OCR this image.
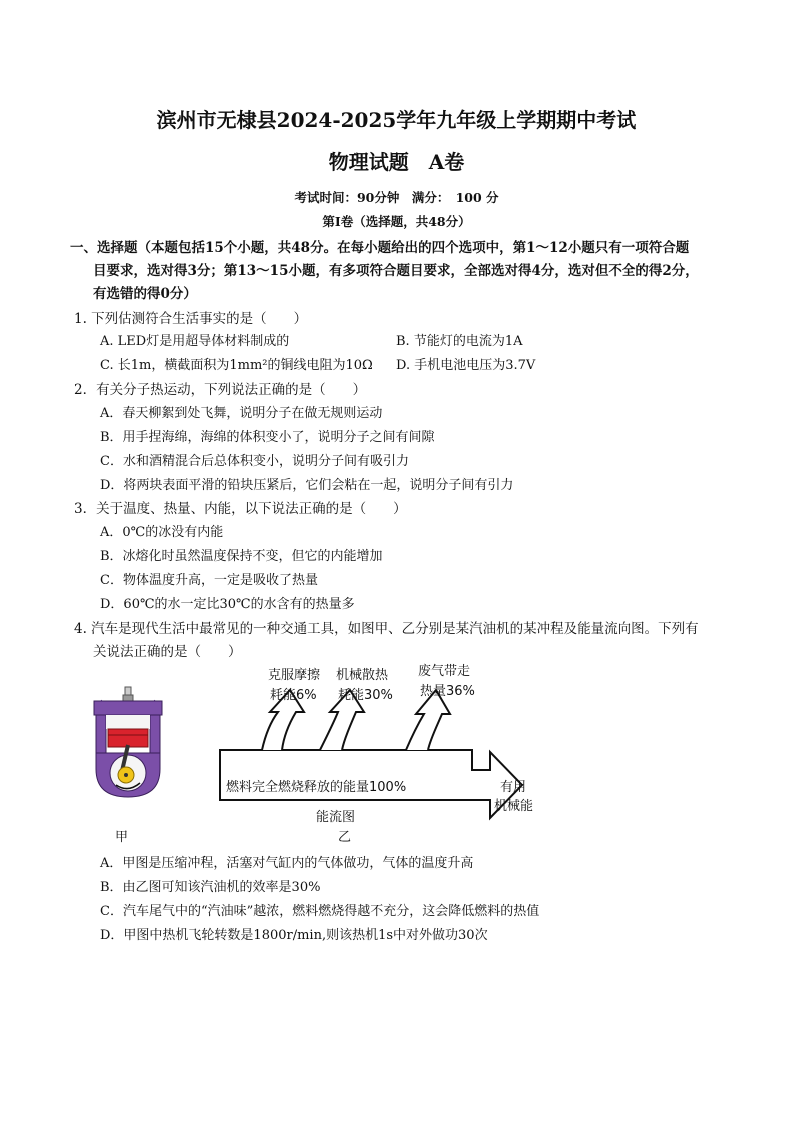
滨州市无棣县2024-2025学年九年级上学期期中考试
物理试题　A卷
考试时间：90分钟　满分：　100 分
第Ⅰ卷（选择题，共48分）
一、选择题（本题包括15个小题，共48分。在每小题给出的四个选项中，第1～12小题只有一项符合题
目要求，选对得3分；第13～15小题，有多项符合题目要求，全部选对得4分，选对但不全的得2分，
有选错的得0分）
1. 下列估测符合生活事实的是（　　）
A. LED灯是用超导体材料制成的	B. 节能灯的电流为1A
C. 长1m，横截面积为1mm²的铜线电阻为10Ω D. 手机电池电压为3.7V
2．有关分子热运动，下列说法正确的是（　　）
A．春天柳絮到处飞舞，说明分子在做无规则运动
B．用手捏海绵，海绵的体积变小了，说明分子之间有间隙
C．水和酒精混合后总体积变小，说明分子间有吸引力
D．将两块表面平滑的铅块压紧后，它们会粘在一起，说明分子间有引力
3．关于温度、热量、内能，以下说法正确的是（　　）
A．0℃的冰没有内能
B．冰熔化时虽然温度保持不变，但它的内能增加
C．物体温度升高，一定是吸收了热量
D．60℃的水一定比30℃的水含有的热量多
4. 汽车是现代生活中最常见的一种交通工具，如图甲、乙分别是某汽油机的某冲程及能量流向图。下列有
关说法正确的是（　　）
甲
克服摩擦
耗能6%
机械散热
耗能30%
废气带走
热量36%
燃料完全燃烧释放的能量100%	有用
机械能
能流图
乙
A．甲图是压缩冲程，活塞对气缸内的气体做功，气体的温度升高
B．由乙图可知该汽油机的效率是30%
C．汽车尾气中的“汽油味”越浓，燃料燃烧得越不充分，这会降低燃料的热值
D．甲图中热机飞轮转数是1800r/min,则该热机1s中对外做功30次
